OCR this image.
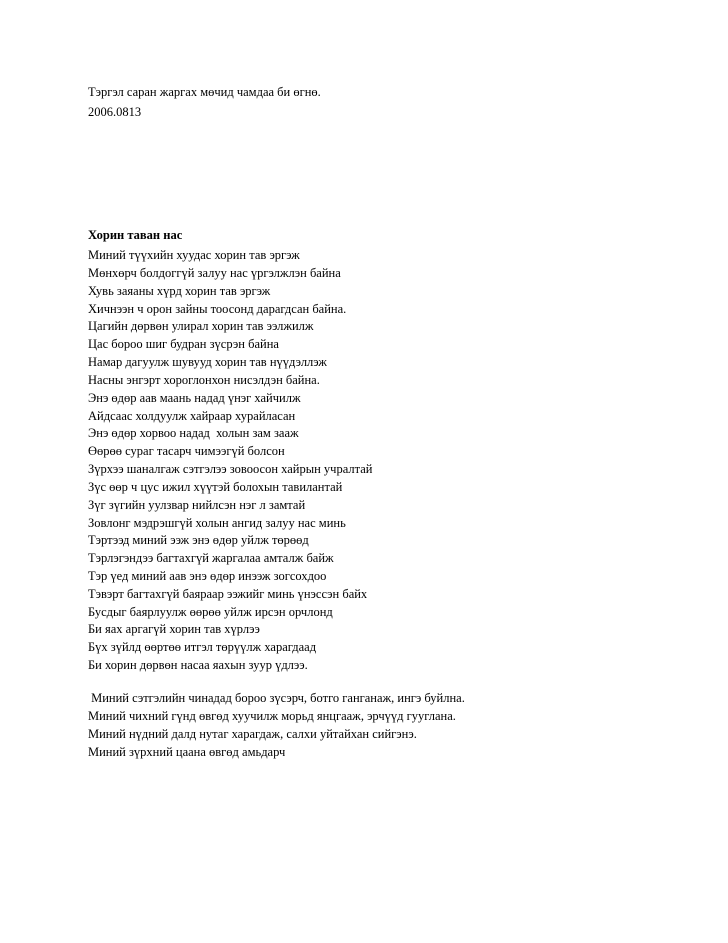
Тэргэл саран жаргах мөчид чамдаа би өгнө.
2006.0813
Хорин таван нас
Миний түүхийн хуудас хорин тав эргэж
Мөнхөрч болдоггүй залуу нас үргэлжлэн байна
Хувь заяаны хүрд хорин тав эргэж
Хичнээн ч орон зайны тоосонд дарагдсан байна.
Цагийн дөрвөн улирал хорин тав ээлжилж
Цас бороо шиг будран зүсрэн байна
Намар дагуулж шувууд хорин тав нүүдэллэж
Насны энгэрт хороглонхон нисэлдэн байна.
Энэ өдөр аав маань надад үнэг хайчилж
Айдсаас холдуулж хайраар хурайласан
Энэ өдөр хорвоо надад  холын зам зааж
Өөрөө сураг тасарч чимээгүй болсон
Зүрхээ шаналгаж сэтгэлээ зовоосон хайрын учралтай
Зүс өөр ч цус ижил хүүтэй болохын тавилантай
Зүг зүгийн уулзвар нийлсэн нэг л замтай
Зовлонг мэдрэшгүй холын ангид залуу нас минь
Тэртээд миний ээж энэ өдөр уйлж төрөөд
Тэрлэгэндээ багтахгүй жаргалаа амталж байж
Тэр үед миний аав энэ өдөр инээж зогсохдоо
Тэвэрт багтахгүй баяраар ээжийг минь үнэссэн байх
Бусдыг баярлуулж өөрөө уйлж ирсэн орчлонд
Би яах аргагүй хорин тав хүрлээ
Бүх зүйлд өөртөө итгэл төрүүлж харагдаад
Би хорин дөрвөн насаа яахын зуур үдлээ.
Миний сэтгэлийн чинадад бороо зүсэрч, ботго ганганаж, ингэ буйлна.
Миний чихний гүнд өвгөд хуучилж морьд янцгааж, эрчүүд гууглана.
Миний нүдний далд нутаг харагдаж, салхи уйтайхан сийгэнэ.
Миний зүрхний цаана өвгөд амьдарч
